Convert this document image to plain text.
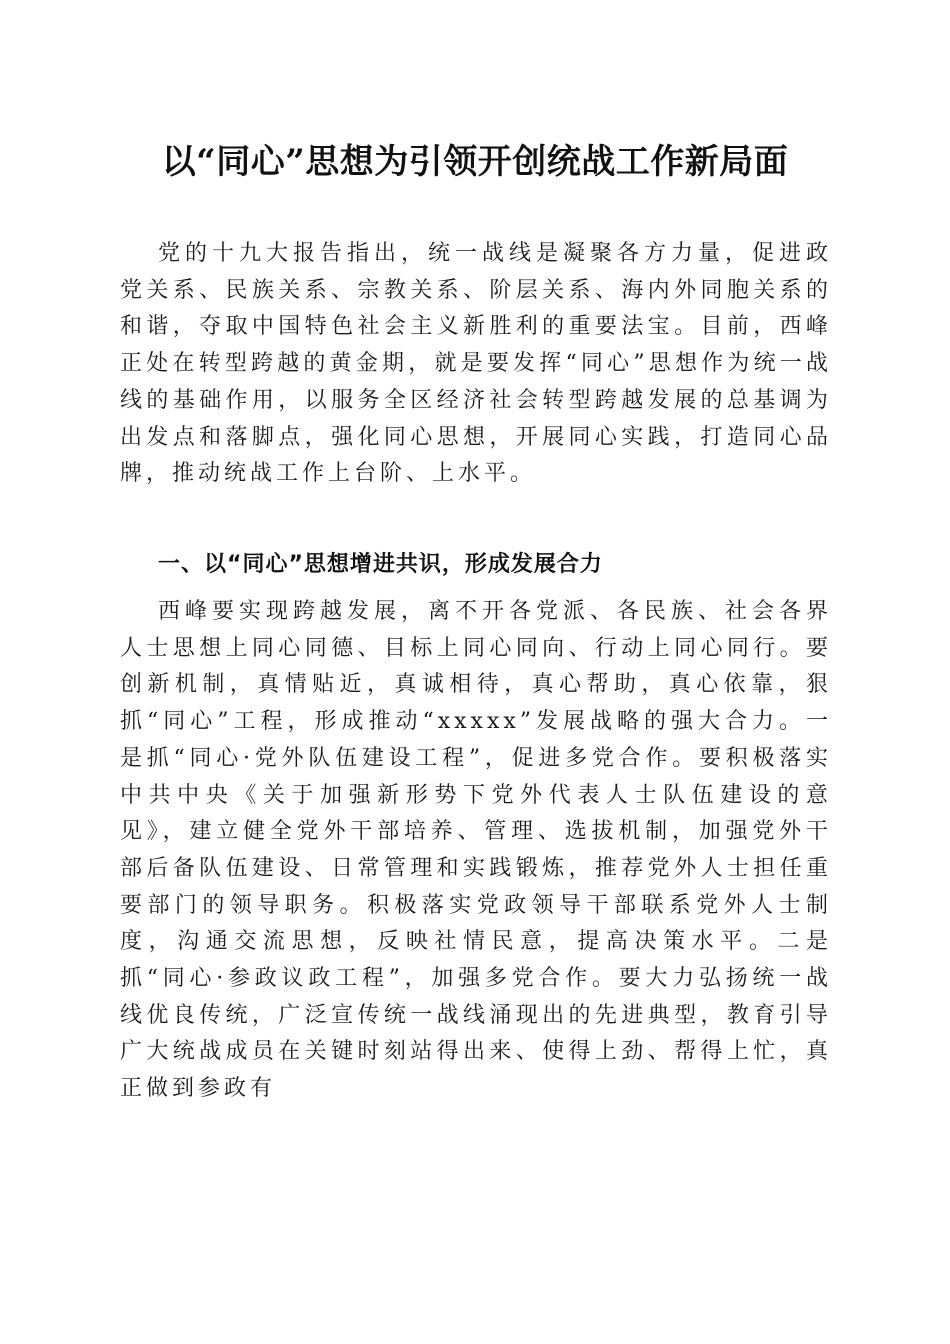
以“同心”思想为引领开创统战工作新局面

党的十九大报告指出，统一战线是凝聚各方力量，促进政党关系、民族关系、宗教关系、阶层关系、海内外同胞关系的和谐，夺取中国特色社会主义新胜利的重要法宝。目前，西峰正处在转型跨越的黄金期，就是要发挥“同心”思想作为统一战线的基础作用，以服务全区经济社会转型跨越发展的总基调为出发点和落脚点，强化同心思想，开展同心实践，打造同心品牌，推动统战工作上台阶、上水平。

一、以“同心”思想增进共识，形成发展合力

西峰要实现跨越发展，离不开各党派、各民族、社会各界人士思想上同心同德、目标上同心同向、行动上同心同行。要创新机制，真情贴近，真诚相待，真心帮助，真心依靠，狠抓“同心”工程，形成推动“xxxxx”发展战略的强大合力。一是抓“同心·党外队伍建设工程”，促进多党合作。要积极落实中共中央《关于加强新形势下党外代表人士队伍建设的意见》，建立健全党外干部培养、管理、选拔机制，加强党外干部后备队伍建设、日常管理和实践锻炼，推荐党外人士担任重要部门的领导职务。积极落实党政领导干部联系党外人士制度，沟通交流思想，反映社情民意，提高决策水平。二是抓“同心·参政议政工程”，加强多党合作。要大力弘扬统一战线优良传统，广泛宣传统一战线涌现出的先进典型，教育引导广大统战成员在关键时刻站得出来、使得上劲、帮得上忙，真正做到参政有
